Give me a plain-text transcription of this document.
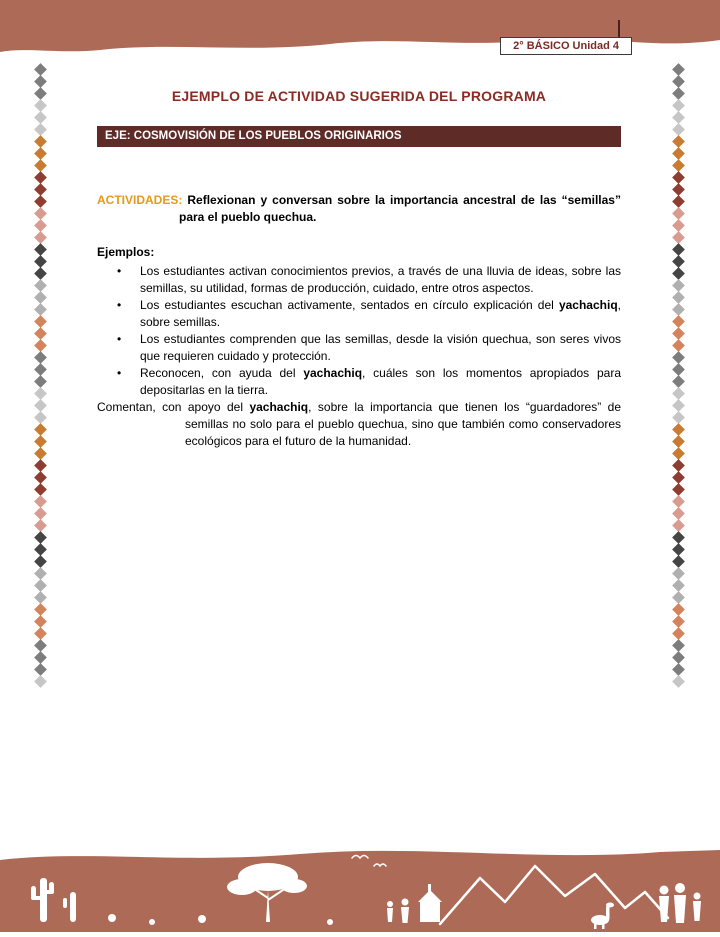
2° BÁSICO Unidad 4
EJEMPLO DE ACTIVIDAD SUGERIDA DEL PROGRAMA
EJE: COSMOVISIÓN DE LOS PUEBLOS ORIGINARIOS

ACTIVIDADES: Reflexionan y conversan sobre la importancia ancestral de las “semillas” para el pueblo quechua.

Ejemplos:

• Los estudiantes activan conocimientos previos, a través de una lluvia de ideas, sobre las semillas, su utilidad, formas de producción, cuidado, entre otros aspectos.
• Los estudiantes escuchan activamente, sentados en círculo explicación del yachachiq, sobre semillas.
• Los estudiantes comprenden que las semillas, desde la visión quechua, son seres vivos que requieren cuidado y protección.
• Reconocen, con ayuda del yachachiq, cuáles son los momentos apropiados para depositarlas en la tierra.

Comentan, con apoyo del yachachiq, sobre la importancia que tienen los “guardadores” de semillas no solo para el pueblo quechua, sino que también como conservadores ecológicos para el futuro de la humanidad.
